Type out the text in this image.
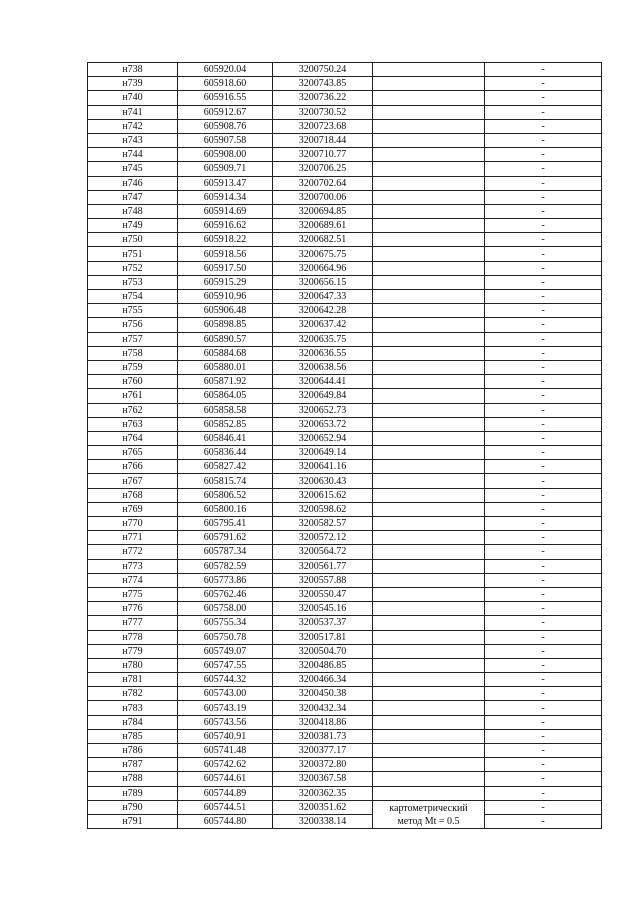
н738	605920.04	3200750.24		-
н739	605918.60	3200743.85		-
н740	605916.55	3200736.22		-
н741	605912.67	3200730.52		-
н742	605908.76	3200723.68		-
н743	605907.58	3200718.44		-
н744	605908.00	3200710.77		-
н745	605909.71	3200706.25		-
н746	605913.47	3200702.64		-
н747	605914.34	3200700.06		-
н748	605914.69	3200694.85		-
н749	605916.62	3200689.61		-
н750	605918.22	3200682.51		-
н751	605918.56	3200675.75		-
н752	605917.50	3200664.96		-
н753	605915.29	3200656.15		-
н754	605910.96	3200647.33		-
н755	605906.48	3200642.28		-
н756	605898.85	3200637.42		-
н757	605890.57	3200635.75		-
н758	605884.68	3200636.55		-
н759	605880.01	3200638.56		-
н760	605871.92	3200644.41		-
н761	605864.05	3200649.84		-
н762	605858.58	3200652.73		-
н763	605852.85	3200653.72		-
н764	605846.41	3200652.94		-
н765	605836.44	3200649.14		-
н766	605827.42	3200641.16		-
н767	605815.74	3200630.43		-
н768	605806.52	3200615.62		-
н769	605800.16	3200598.62		-
н770	605795.41	3200582.57		-
н771	605791.62	3200572.12		-
н772	605787.34	3200564.72		-
н773	605782.59	3200561.77		-
н774	605773.86	3200557.88		-
н775	605762.46	3200550.47		-
н776	605758.00	3200545.16		-
н777	605755.34	3200537.37		-
н778	605750.78	3200517.81		-
н779	605749.07	3200504.70		-
н780	605747.55	3200486.85		-
н781	605744.32	3200466.34		-
н782	605743.00	3200450.38		-
н783	605743.19	3200432.34		-
н784	605743.56	3200418.86		-
н785	605740.91	3200381.73		-
н786	605741.48	3200377.17		-
н787	605742.62	3200372.80		-
н788	605744.61	3200367.58		-
н789	605744.89	3200362.35		-
н790	605744.51	3200351.62	картометрический
метод Mt = 0.5	-
н791	605744.80	3200338.14		-
